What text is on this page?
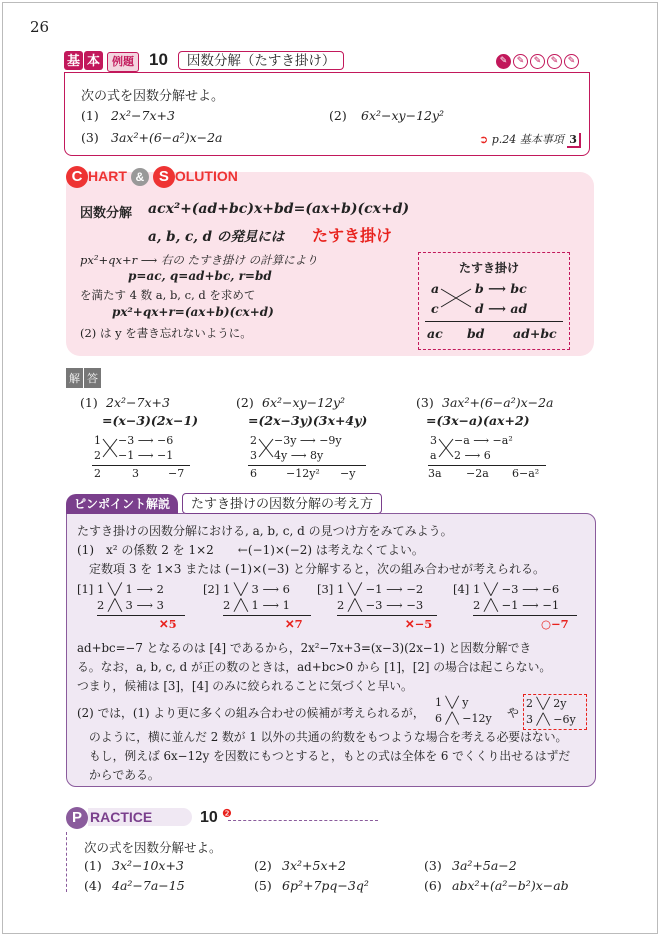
26
基 本 例題 10 因数分解（たすき掛け）	✎ ✎ ✎ ✎ ✎
次の式を因数分解せよ。
(1) 2x²−7x+3	(2) 6x²−xy−12y²
(3) 3ax²+(6−a²)x−2a	➲ p.24 基本事項 3
因数分解 acx²+(ad+bc)x+bd=(ax+b)(cx+d)
a, b, c, d の発見には たすき掛け
px²+qx+r ⟶ 右の たすき掛け の計算により
p=ac, q=ad+bc, r=bd
を満たす 4 数 a, b, c, d を求めて
px²+qx+r=(ax+b)(cx+d)
(2) は y を書き忘れないように。
C HART & S OLUTION
たすき掛け
a	b ⟶ bc
c	d ⟶ ad
ac bd ad+bc
解 答
(1) 2x²−7x+3
=(x−3)(2x−1)
1 −3 ⟶ −6
2 −1 ⟶ −1
2	3	−7
(2) 6x²−xy−12y²
=(2x−3y)(3x+4y)
2 −3y ⟶ −9y
3 4y ⟶ 8y
6	−12y² −y
(3) 3ax²+(6−a²)x−2a
=(3x−a)(ax+2)
3 −a ⟶ −a²
a 2 ⟶ 6
3a −2a 6−a²
たすき掛けの因数分解における, a, b, c, d の見つけ方をみてみよう。
(1)　x² の係数 2 を 1×2　　←(−1)×(−2) は考えなくてよい。
定数項 3 を 1×3 または (−1)×(−3) と分解すると，次の組み合わせが考えられる。
[1] 1 ╲╱ 1 ⟶ 2
2 ╱╲ 3 ⟶ 3
✕5
[2] 1 ╲╱ 3 ⟶ 6
2 ╱╲ 1 ⟶ 1
✕7
[3] 1 ╲╱ −1 ⟶ −2
2 ╱╲ −3 ⟶ −3
✕−5
[4] 1 ╲╱ −3 ⟶ −6
2 ╱╲ −1 ⟶ −1
○−7
ad+bc=−7 となるのは [4] であるから，2x²−7x+3=(x−3)(2x−1) と因数分解でき
る。なお，a, b, c, d が正の数のときは，ad+bc>0 から [1]，[2] の場合は起こらない。
つまり，候補は [3]，[4] のみに絞られることに気づくと早い。
(2) では，(1) より更に多くの組み合わせの候補が考えられるが，
1 ╲╱ y
6 ╱╲ −12y や
2 ╲╱ 2y
3 ╱╲ −6y
のように，横に並んだ 2 数が 1 以外の共通の約数をもつような場合を考える必要はない。
もし，例えば 6x−12y を因数にもつとすると，もとの式は全体を 6 でくくり出せるはずだ
からである。
ピンポイント解説 たすき掛けの因数分解の考え方
P RACTICE	10 ❷
次の式を因数分解せよ。
(1) 3x²−10x+3	(2) 3x²+5x+2	(3) 3a²+5a−2
(4) 4a²−7a−15	(5) 6p²+7pq−3q²	(6) abx²+(a²−b²)x−ab
